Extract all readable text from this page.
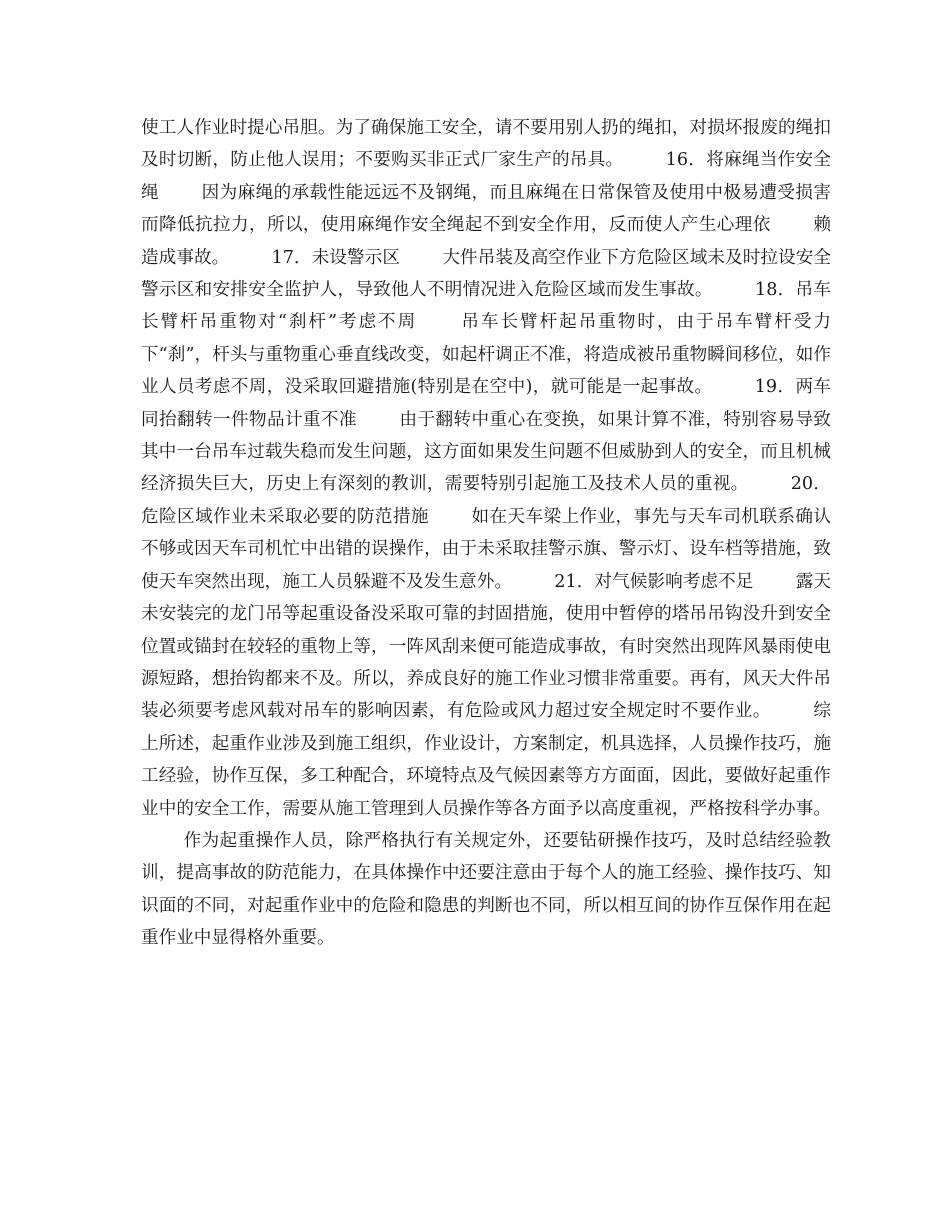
使工人作业时提心吊胆。为了确保施工安全，请不要用别人扔的绳扣，对损坏报废的绳扣及时切断，防止他人误用；不要购买非正式厂家生产的吊具。 16．将麻绳当作安全绳 因为麻绳的承载性能远远不及钢绳，而且麻绳在日常保管及使用中极易遭受损害而降低抗拉力，所以，使用麻绳作安全绳起不到安全作用，反而使人产生心理依 赖造成事故。 17．未设警示区 大件吊装及高空作业下方危险区域未及时拉设安全警示区和安排安全监护人，导致他人不明情况进入危险区域而发生事故。 18．吊车长臂杆吊重物对“刹杆”考虑不周 吊车长臂杆起吊重物时，由于吊车臂杆受力下“刹”，杆头与重物重心垂直线改变，如起杆调正不准，将造成被吊重物瞬间移位，如作业人员考虑不周，没采取回避措施(特别是在空中)，就可能是一起事故。 19．两车同抬翻转一件物品计重不准 由于翻转中重心在变换，如果计算不准，特别容易导致其中一台吊车过载失稳而发生问题，这方面如果发生问题不但威胁到人的安全，而且机械经济损失巨大，历史上有深刻的教训，需要特别引起施工及技术人员的重视。 20．危险区域作业未采取必要的防范措施 如在天车梁上作业，事先与天车司机联系确认不够或因天车司机忙中出错的误操作，由于未采取挂警示旗、警示灯、设车档等措施，致使天车突然出现，施工人员躲避不及发生意外。 21．对气候影响考虑不足 露天未安装完的龙门吊等起重设备没采取可靠的封固措施，使用中暂停的塔吊吊钩没升到安全位置或锚封在较轻的重物上等，一阵风刮来便可能造成事故，有时突然出现阵风暴雨使电源短路，想抬钩都来不及。所以，养成良好的施工作业习惯非常重要。再有，风天大件吊装必须要考虑风载对吊车的影响因素，有危险或风力超过安全规定时不要作业。 综上所述，起重作业涉及到施工组织，作业设计，方案制定，机具选择，人员操作技巧，施工经验，协作互保，多工种配合，环境特点及气候因素等方方面面，因此，要做好起重作业中的安全工作，需要从施工管理到人员操作等各方面予以高度重视，严格按科学办事。作为起重操作人员，除严格执行有关规定外，还要钻研操作技巧，及时总结经验教训，提高事故的防范能力，在具体操作中还要注意由于每个人的施工经验、操作技巧、知识面的不同，对起重作业中的危险和隐患的判断也不同，所以相互间的协作互保作用在起重作业中显得格外重要。
